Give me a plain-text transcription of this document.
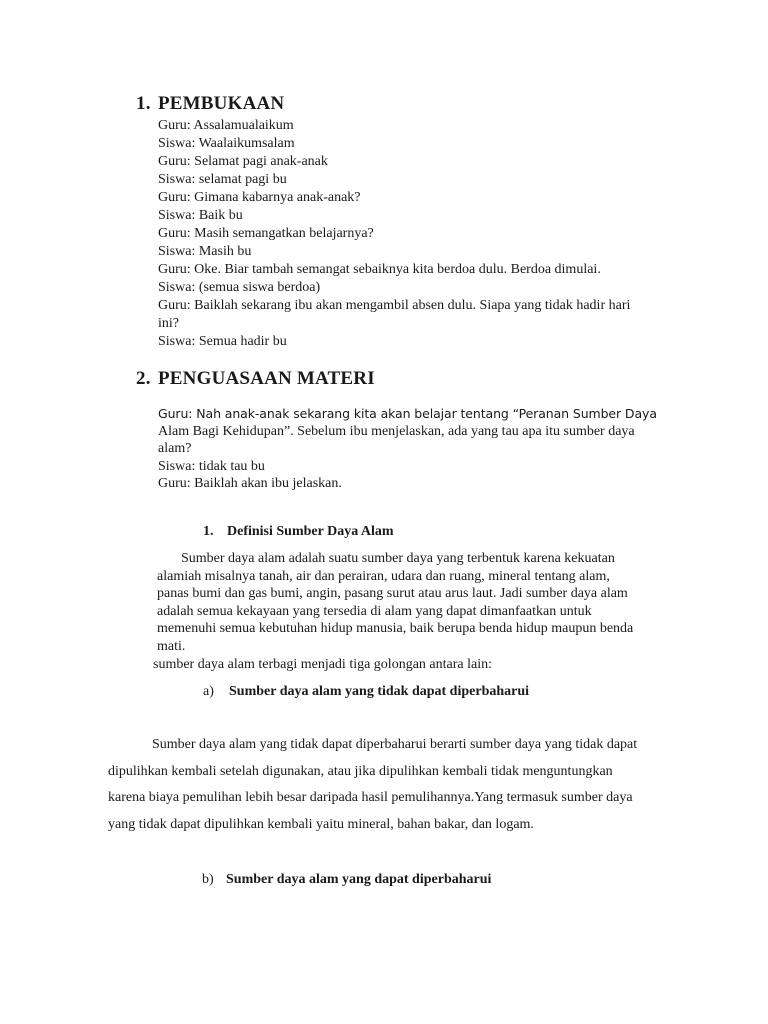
1. PEMBUKAAN
Guru: Assalamualaikum
Siswa: Waalaikumsalam
Guru: Selamat pagi anak-anak
Siswa: selamat pagi bu
Guru: Gimana kabarnya anak-anak?
Siswa: Baik bu
Guru: Masih semangatkan belajarnya?
Siswa: Masih bu
Guru: Oke. Biar tambah semangat sebaiknya kita berdoa dulu. Berdoa dimulai.
Siswa: (semua siswa berdoa)
Guru: Baiklah sekarang ibu akan mengambil absen dulu. Siapa yang tidak hadir hari
ini?
Siswa: Semua hadir bu
2. PENGUASAAN MATERI
Guru: Nah anak-anak sekarang kita akan belajar tentang “Peranan Sumber Daya
Alam Bagi Kehidupan”. Sebelum ibu menjelaskan, ada yang tau apa itu sumber daya
alam?
Siswa: tidak tau bu
Guru: Baiklah akan ibu jelaskan.
1. Definisi Sumber Daya Alam
Sumber daya alam adalah suatu sumber daya yang terbentuk karena kekuatan
alamiah misalnya tanah, air dan perairan, udara dan ruang, mineral tentang alam,
panas bumi dan gas bumi, angin, pasang surut atau arus laut. Jadi sumber daya alam
adalah semua kekayaan yang tersedia di alam yang dapat dimanfaatkan untuk
memenuhi semua kebutuhan hidup manusia, baik berupa benda hidup maupun benda
mati.
sumber daya alam terbagi menjadi tiga golongan antara lain:
a) Sumber daya alam yang tidak dapat diperbaharui
Sumber daya alam yang tidak dapat diperbaharui berarti sumber daya yang tidak dapat
dipulihkan kembali setelah digunakan, atau jika dipulihkan kembali tidak menguntungkan
karena biaya pemulihan lebih besar daripada hasil pemulihannya.Yang termasuk sumber daya
yang tidak dapat dipulihkan kembali yaitu mineral, bahan bakar, dan logam.
b) Sumber daya alam yang dapat diperbaharui
